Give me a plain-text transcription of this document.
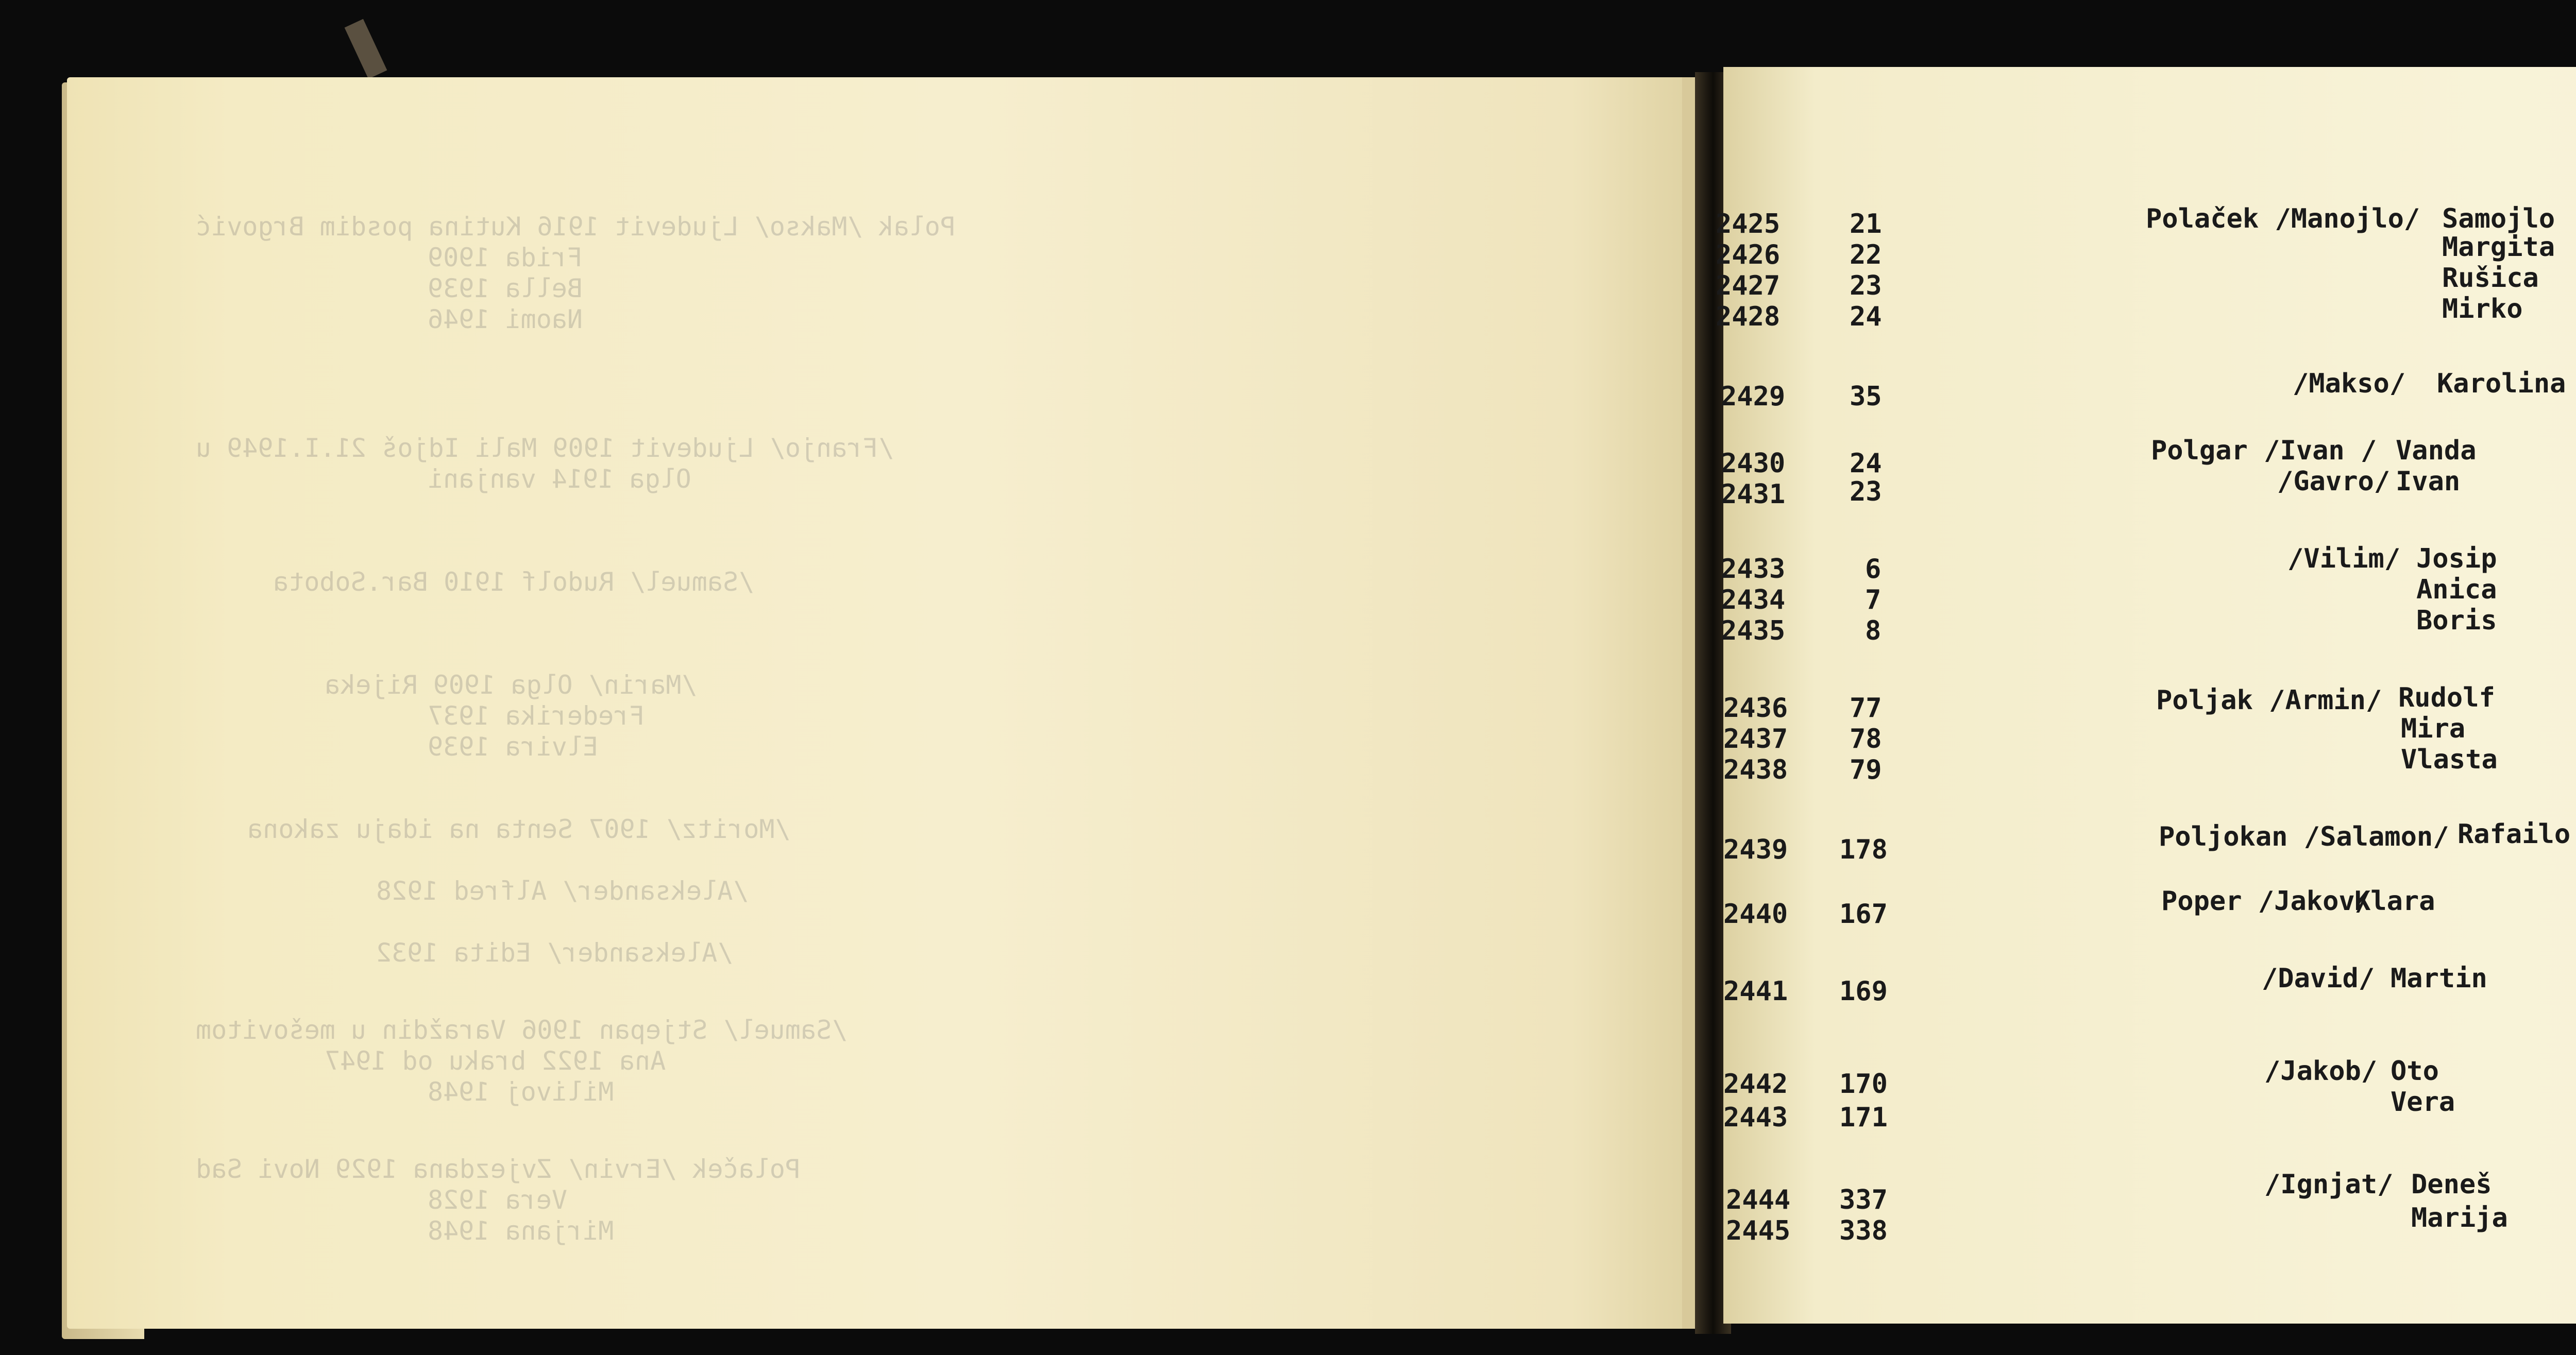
Polak /Makso/ Ljudevit 1916 Kutina posdim Brgović
Frida 1909
Bella 1939
Naomi 1946
/Franjo/ Ljudevit 1909 Mali Idjoš 21.I.1949 u
Olga 1914 vanjani
/Samuel/ Rudolf 1910 Bar.Sobota
/Marin/ Olga 1909 Rijeka
Frederika 1937
Elvira 1939
/Moritz/ 1907 Senta na idaju zakona
/Aleksander/ Alfred 1928
/Aleksander/ Edita 1932
/Samuel/ Stjepan 1906 Varaždin u mešovitom
Ana 1922 braku od 1947
Milivoj 1948
Polaček /Ervin/ Zvjezdana 1929 Novi Sad
Vera 1928
Mirjana 1948
2425
2426
2427
2428
2429
2430
2431
2433
2434
2435
2436
2437
2438
2439
2440
2441
2442
2443
2444
2445
21
22
23
24
35
24
23
6
7
8
77
78
79
178
167
169
170
171
337
338
Polaček /Manojlo/ Samojlo
Margita
Rušica
Mirko
/Makso/ Karolina
Polgar /Ivan / Vanda
/Gavro/ Ivan
/Vilim/ Josip
Anica
Boris
Poljak /Armin/ Rudolf
Mira
Vlasta
Poljokan /Salamon/ Rafailo
Poper /Jakov/
Klara
/David/ Martin
/Jakob/ Oto
Vera
/Ignjat/ Deneš
Marija
